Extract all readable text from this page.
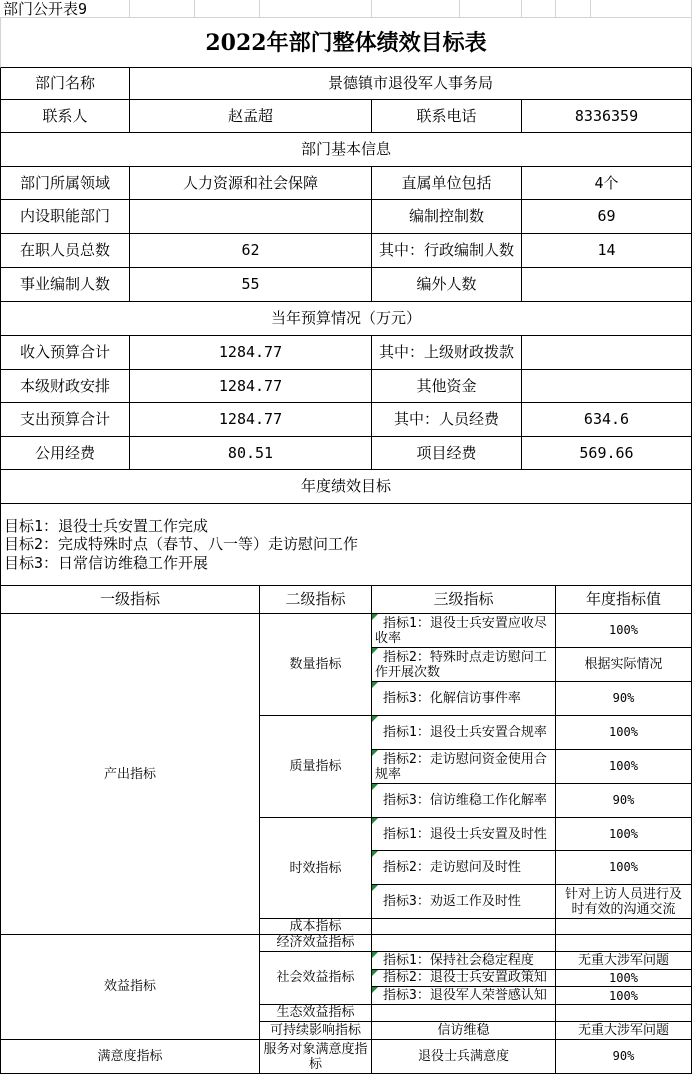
部门公开表9								
2022年部门整体绩效目标表								
部门名称	景德镇市退役军人事务局							
联系人	赵孟超			联系电话		8336359		
部门基本信息								
部门所属领域	人力资源和社会保障			直属单位包括		4个		
内设职能部门				编制控制数		69		
在职人员总数	62			其中：行政编制人数		14		
事业编制人数	55			编外人数				
当年预算情况（万元）								
收入预算合计	1284.77			其中：上级财政拨款				
本级财政安排	1284.77			其他资金				
支出预算合计	1284.77			其中：人员经费		634.6		
公用经费	80.51			项目经费		569.66		
年度绩效目标								

目标1：退役士兵安置工作完成
目标2：完成特殊时点（春节、八一等）走访慰问工作
目标3：日常信访维稳工作开展								

一级指标			二级指标	三级指标			年度指标值	
产出指标			数量指标	指标1：退役士兵安置应收尽收率			100%	
				指标2：特殊时点走访慰问工作开展次数			根据实际情况	
				指标3：化解信访事件率			90%	
			质量指标	指标1：退役士兵安置合规率			100%	
				指标2：走访慰问资金使用合规率			100%	
				指标3：信访维稳工作化解率			90%	
			时效指标	指标1：退役士兵安置及时性			100%	
				指标2：走访慰问及时性			100%	
				指标3：劝返工作及时性			针对上访人员进行及时有效的沟通交流	
			成本指标					
效益指标			经济效益指标					
			社会效益指标	指标1：保持社会稳定程度			无重大涉军问题	
				指标2：退役士兵安置政策知			100%	
				指标3：退役军人荣誉感认知			100%	
			生态效益指标					
			可持续影响指标	信访维稳			无重大涉军问题	
满意度指标			服务对象满意度指标	退役士兵满意度			90%	
